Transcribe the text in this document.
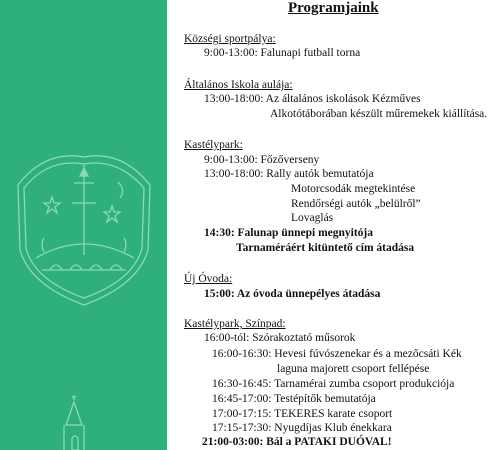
Programjaink
Községi sportpálya:
9:00-13:00: Falunapi futball torna
Általános Iskola aulája:
13:00-18:00: Az általános iskolások Kézműves
Alkotótáborában készült műremekek kiállítása.
Kastélypark:
9:00-13:00: Főzőverseny
13:00-18:00: Rally autók bemutatója
Motorcsodák megtekintése
Rendőrségi autók „belülről”
Lovaglás
14:30: Falunap ünnepi megnyitója
Tarnaméráért kitüntető cím átadása
Új Óvoda:
15:00: Az óvoda ünnepélyes átadása
Kastélypark, Színpad:
16:00-tól: Szórakoztató műsorok
16:00-16:30: Hevesi fúvószenekar és a mezőcsáti Kék
laguna majorett csoport fellépése
16:30-16:45: Tarnamérai zumba csoport produkciója
16:45-17:00: Testépítők bemutatója
17:00-17:15: TEKERES karate csoport
17:15-17:30: Nyugdíjas Klub énekkara
21:00-03:00: Bál a PATAKI DUÓVAL!
